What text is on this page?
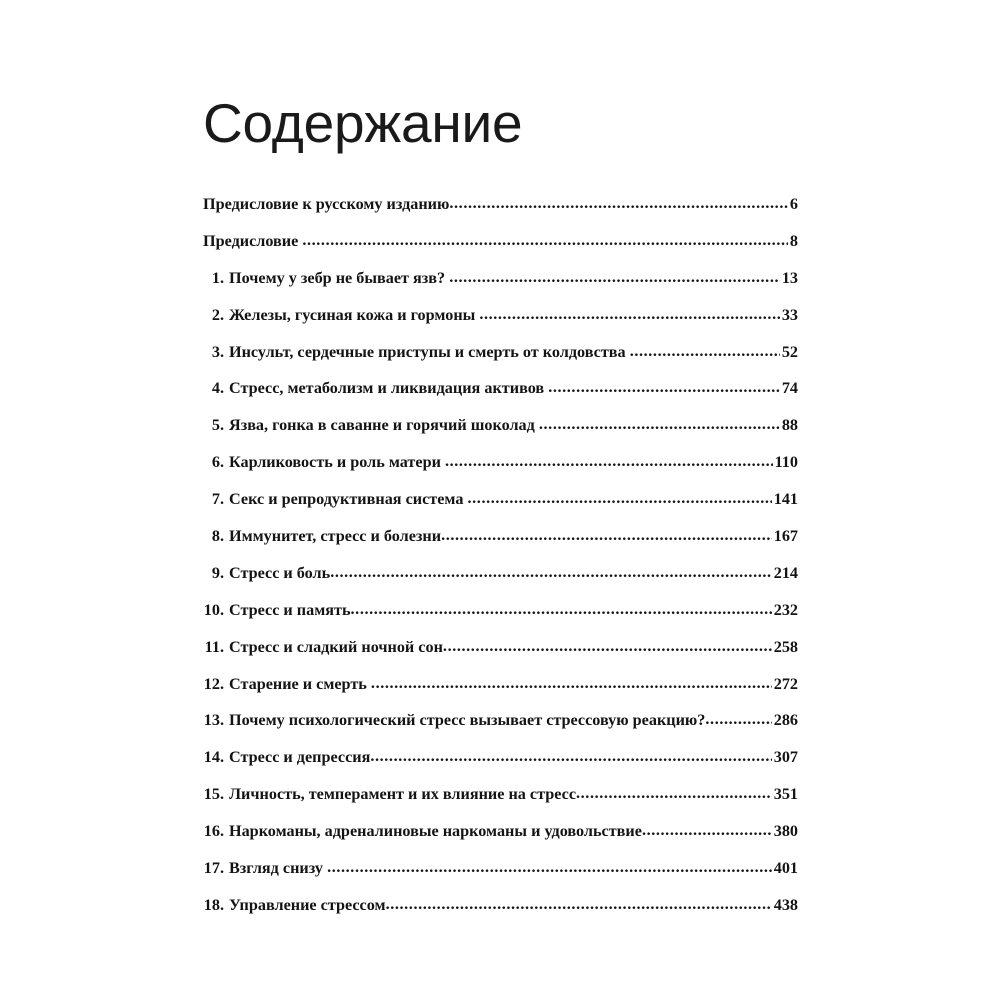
Содержание
Предисловие к русскому изданию .....	6
Предисловие .....	8
1. Почему у зебр не бывает язв? .....	13
2. Железы, гусиная кожа и гормоны .....	33
3. Инсульт, сердечные приступы и смерть от колдовства .....	52
4. Стресс, метаболизм и ликвидация активов .....	74
5. Язва, гонка в саванне и горячий шоколад .....	88
6. Карликовость и роль матери .....	110
7. Секс и репродуктивная система .....	141
8. Иммунитет, стресс и болезни .....	167
9. Стресс и боль .....	214
10. Стресс и память .....	232
11. Стресс и сладкий ночной сон .....	258
12. Старение и смерть .....	272
13. Почему психологический стресс вызывает стрессовую реакцию? .....	286
14. Стресс и депрессия .....	307
15. Личность, темперамент и их влияние на стресс .....	351
16. Наркоманы, адреналиновые наркоманы и удовольствие .....	380
17. Взгляд снизу .....	401
18. Управление стрессом .....	438
